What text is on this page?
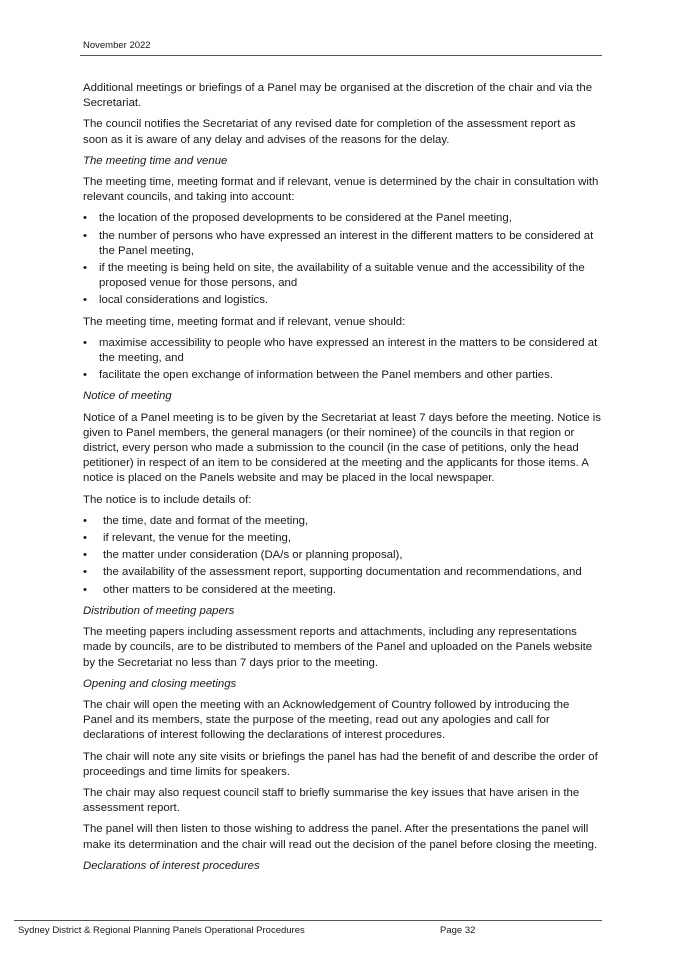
November 2022

Additional meetings or briefings of a Panel may be organised at the discretion of the chair and via the Secretariat.

The council notifies the Secretariat of any revised date for completion of the assessment report as soon as it is aware of any delay and advises of the reasons for the delay.

The meeting time and venue

The meeting time, meeting format and if relevant, venue is determined by the chair in consultation with relevant councils, and taking into account:

• the location of the proposed developments to be considered at the Panel meeting,
• the number of persons who have expressed an interest in the different matters to be considered at the Panel meeting,
• if the meeting is being held on site, the availability of a suitable venue and the accessibility of the proposed venue for those persons, and
• local considerations and logistics.

The meeting time, meeting format and if relevant, venue should:

• maximise accessibility to people who have expressed an interest in the matters to be considered at the meeting, and
• facilitate the open exchange of information between the Panel members and other parties.

Notice of meeting

Notice of a Panel meeting is to be given by the Secretariat at least 7 days before the meeting. Notice is given to Panel members, the general managers (or their nominee) of the councils in that region or district, every person who made a submission to the council (in the case of petitions, only the head petitioner) in respect of an item to be considered at the meeting and the applicants for those items. A notice is placed on the Panels website and may be placed in the local newspaper.

The notice is to include details of:

• the time, date and format of the meeting,
• if relevant, the venue for the meeting,
• the matter under consideration (DA/s or planning proposal),
• the availability of the assessment report, supporting documentation and recommendations, and
• other matters to be considered at the meeting.

Distribution of meeting papers

The meeting papers including assessment reports and attachments, including any representations made by councils, are to be distributed to members of the Panel and uploaded on the Panels website by the Secretariat no less than 7 days prior to the meeting.

Opening and closing meetings

The chair will open the meeting with an Acknowledgement of Country followed by introducing the Panel and its members, state the purpose of the meeting, read out any apologies and call for declarations of interest following the declarations of interest procedures.

The chair will note any site visits or briefings the panel has had the benefit of and describe the order of proceedings and time limits for speakers.

The chair may also request council staff to briefly summarise the key issues that have arisen in the assessment report.

The panel will then listen to those wishing to address the panel. After the presentations the panel will make its determination and the chair will read out the decision of the panel before closing the meeting.

Declarations of interest procedures

Sydney District & Regional Planning Panels Operational Procedures	Page 32
